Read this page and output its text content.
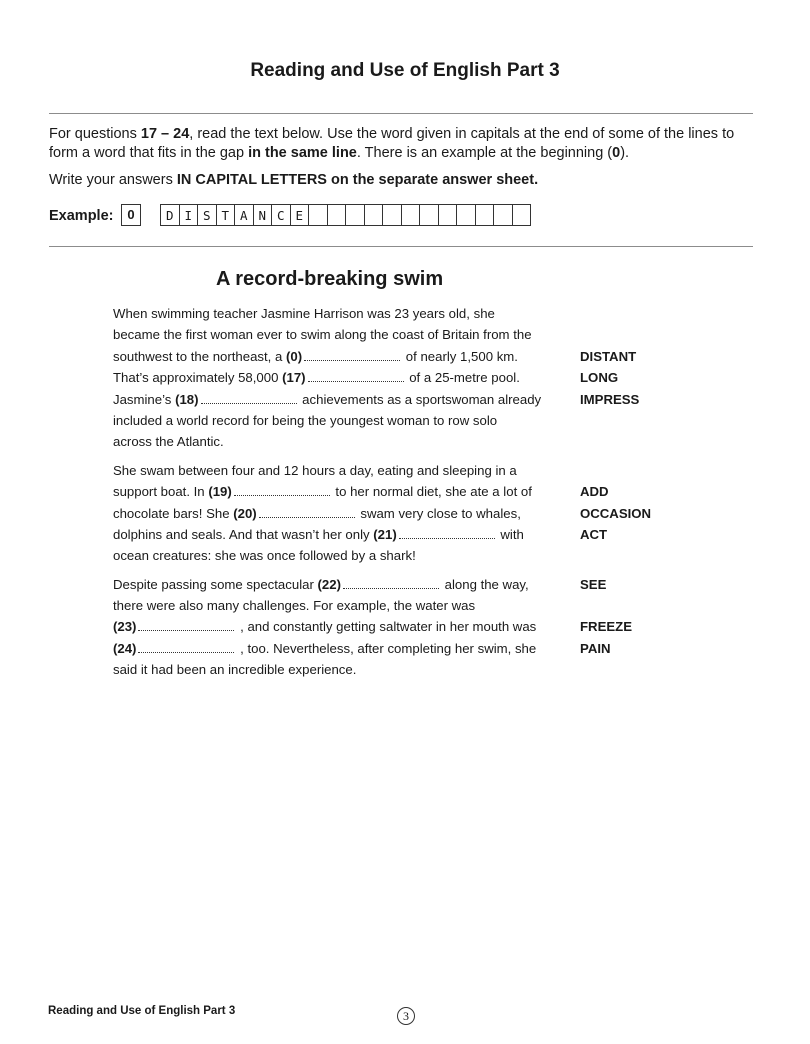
Reading and Use of English Part 3

For questions 17 – 24, read the text below. Use the word given in capitals at the end of some of the lines to form a word that fits in the gap in the same line. There is an example at the beginning (0).

Write your answers IN CAPITAL LETTERS on the separate answer sheet.

Example:	0	D I S T A N C E
A record-breaking swim
When swimming teacher Jasmine Harrison was 23 years old, she
became the first woman ever to swim along the coast of Britain from the
southwest to the northeast, a (0)	of nearly 1,500 km.	DISTANT
That’s approximately 58,000 (17)	of a 25-metre pool.	LONG
Jasmine’s (18)	achievements as a sportswoman already	IMPRESS
included a world record for being the youngest woman to row solo
across the Atlantic.
She swam between four and 12 hours a day, eating and sleeping in a
support boat. In (19)	to her normal diet, she ate a lot of	ADD
chocolate bars! She (20)	swam very close to whales,	OCCASION
dolphins and seals. And that wasn’t her only (21)	with	ACT
ocean creatures: she was once followed by a shark!
Despite passing some spectacular (22)	along the way,	SEE
there were also many challenges. For example, the water was
(23)	, and constantly getting saltwater in her mouth was	FREEZE
(24)	, too. Nevertheless, after completing her swim, she	PAIN
said it had been an incredible experience.
Reading and Use of English Part 3	3
